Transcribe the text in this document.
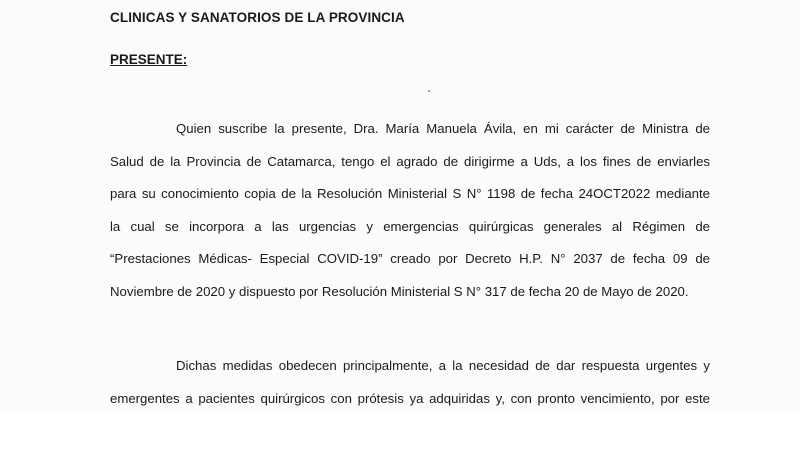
CLINICAS Y SANATORIOS DE LA PROVINCIA
PRESENTE:
Quien suscribe la presente, Dra. María Manuela Ávila, en mi carácter de Ministra de
Salud de la Provincia de Catamarca, tengo el agrado de dirigirme a Uds, a los fines de enviarles
para su conocimiento copia de la Resolución Ministerial S N° 1198 de fecha 24OCT2022 mediante
la cual se incorpora a las urgencias y emergencias quirúrgicas generales al Régimen de
“Prestaciones Médicas- Especial COVID-19” creado por Decreto H.P. N° 2037 de fecha 09 de
Noviembre de 2020 y dispuesto por Resolución Ministerial S N° 317 de fecha 20 de Mayo de 2020.
Dichas medidas obedecen principalmente, a la necesidad de dar respuesta urgentes y
emergentes a pacientes quirúrgicos con prótesis ya adquiridas y, con pronto vencimiento, por este
